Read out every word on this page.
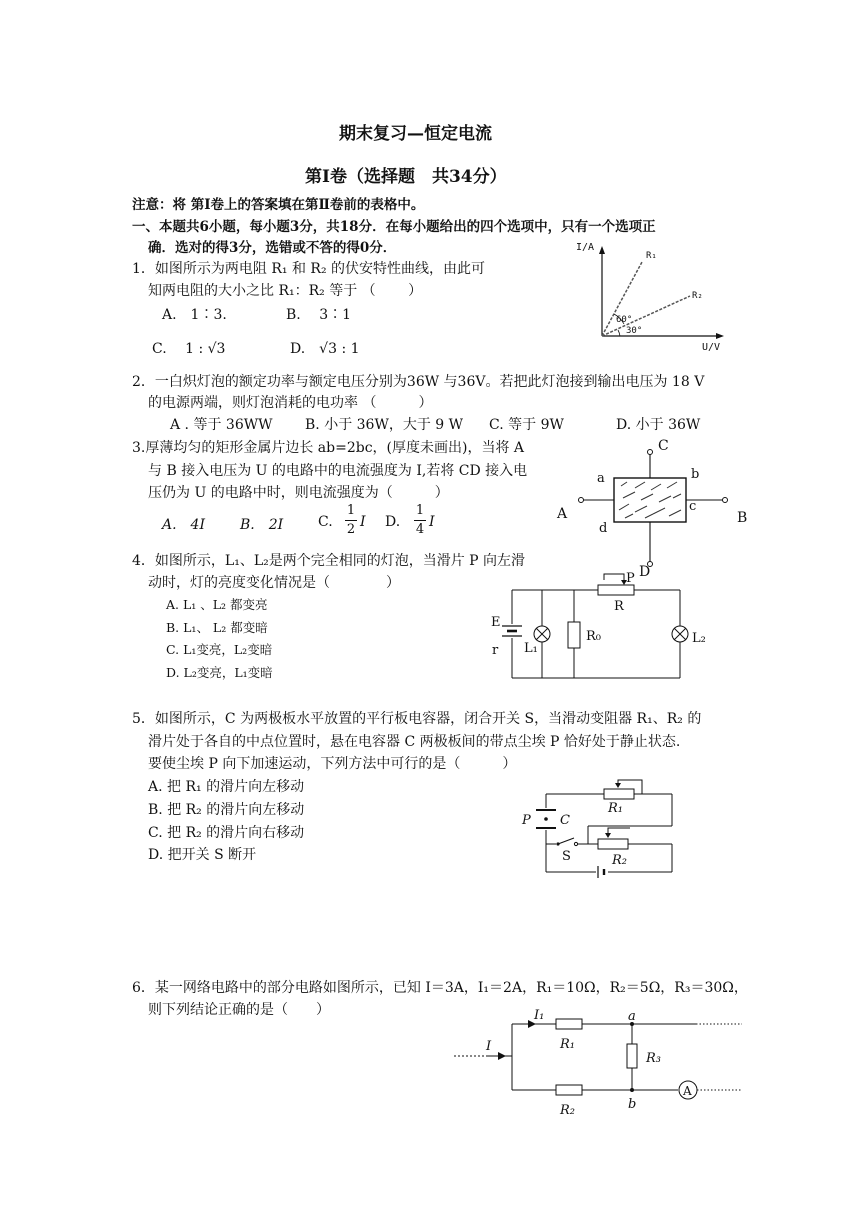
期末复习—恒定电流
第Ⅰ卷（选择题　共34分）
注意：将 第Ⅰ卷上的答案填在第Ⅱ卷前的表格中。
一、本题共6小题，每小题3分，共18分．在每小题给出的四个选项中，只有一个选项正
确．选对的得3分，选错或不答的得0分．
1．如图所示为两电阻 R₁ 和 R₂ 的伏安特性曲线，由此可
知两电阻的大小之比 R₁：R₂ 等于 （　　 ）
A.　1∶3.	B.　 3∶1
C.　 1 : √3	D.　√3 : 1
I/A
U/V
R₁
R₂
60°
30°
2．一白炽灯泡的额定功率与额定电压分别为36W 与36V。若把此灯泡接到输出电压为 18 V
的电源两端，则灯泡消耗的电功率 （　　　）
A . 等于 36WW B. 小于 36W，大于 9 W C. 等于 9W	D. 小于 36W
3.厚薄均匀的矩形金属片边长 ab=2bc，(厚度未画出)，当将 A
与 B 接入电压为 U 的电路中的电流强度为 I,若将 CD 接入电
压仍为 U 的电路中时，则电流强度为（　　　）
A.　4I	B.　2I C.
1
2 I D.
1
4 I
C
D
A	B
a	b
c
d
4．如图所示，L₁、L₂是两个完全相同的灯泡，当滑片 P 向左滑
动时，灯的亮度变化情况是（　　　　）
A. L₁ 、L₂ 都变亮
B. L₁、 L₂ 都变暗
C. L₁变亮，L₂变暗
D. L₂变亮，L₁变暗
E
r L₁
R₀	L₂
R
P
5．如图所示，C 为两极板水平放置的平行板电容器，闭合开关 S，当滑动变阻器 R₁、R₂ 的
滑片处于各自的中点位置时，悬在电容器 C 两极板间的带点尘埃 P 恰好处于静止状态.
要使尘埃 P 向下加速运动，下列方法中可行的是（　　　）
A. 把 R₁ 的滑片向左移动
B. 把 R₂ 的滑片向左移动
C. 把 R₂ 的滑片向右移动
D. 把开关 S 断开
R₁
R₂
P C
S
6．某一网络电路中的部分电路如图所示，已知 I＝3A，I₁＝2A，R₁＝10Ω，R₂＝5Ω，R₃＝30Ω，
则下列结论正确的是（　　）
I
I₁
R₁
R₂
R₃
a
b
A
